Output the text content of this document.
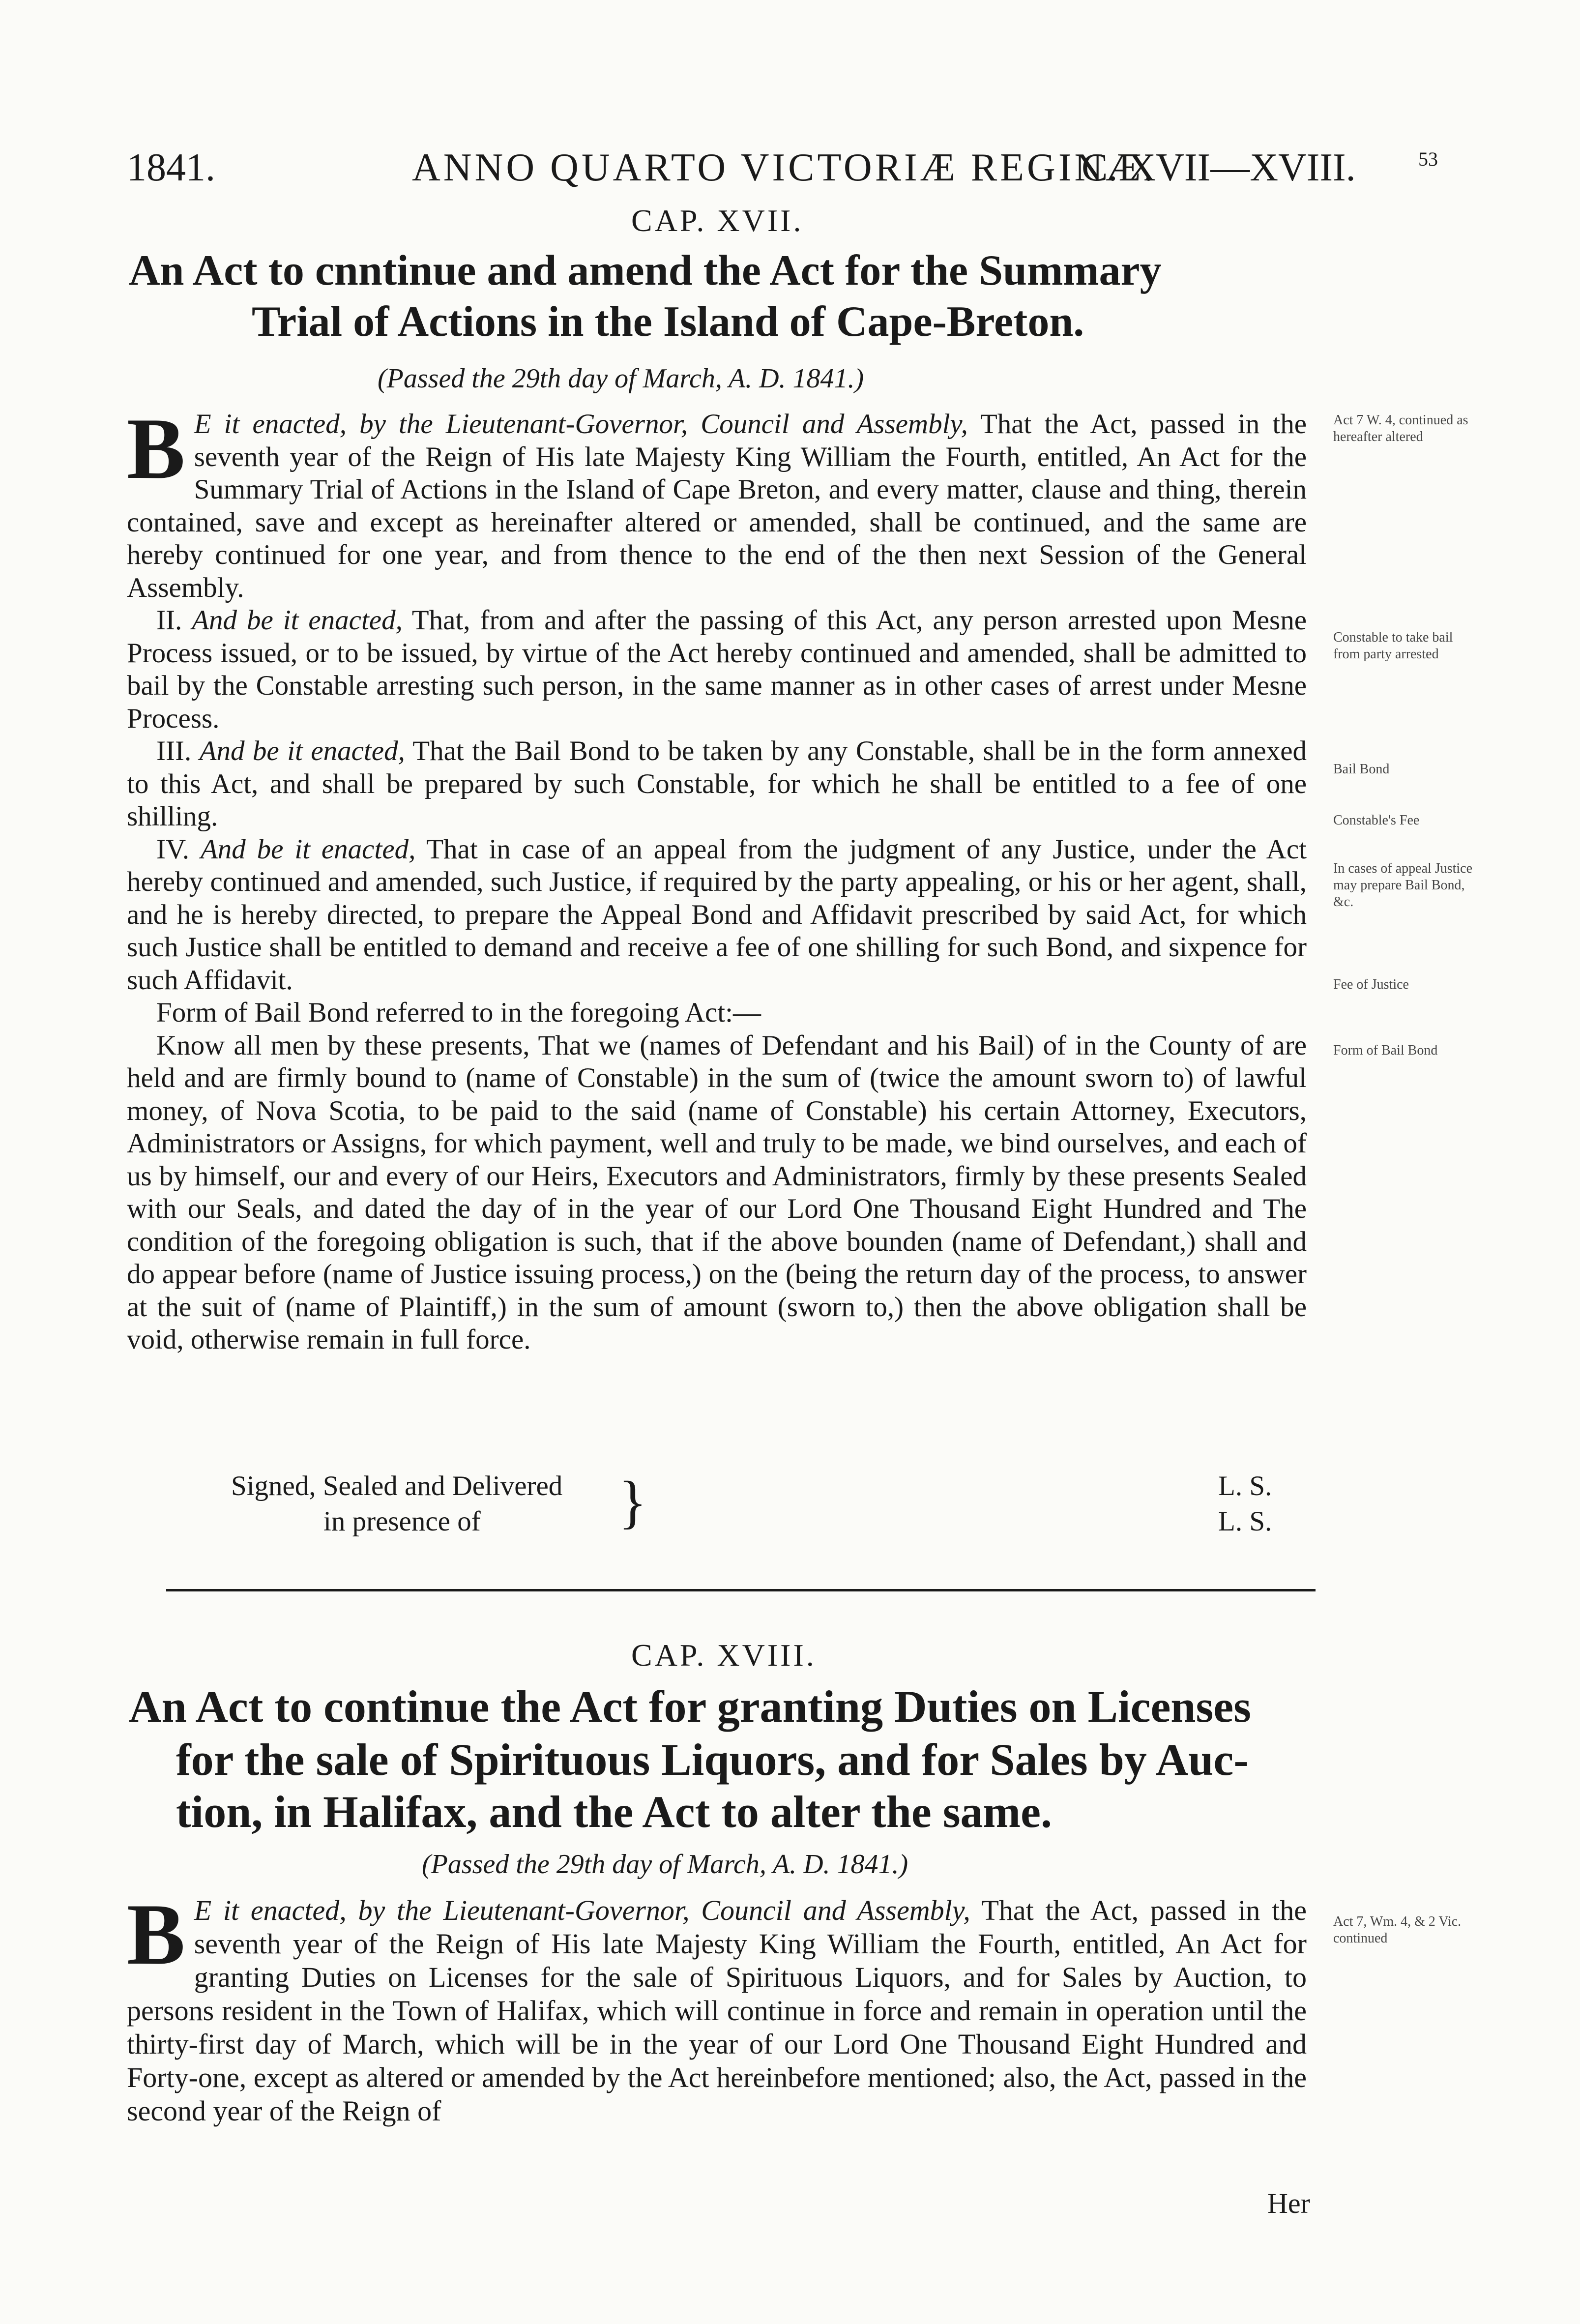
1841.	ANNO QUARTO VICTORIÆ REGINÆ.
C. XVII—XVIII.	53
CAP. XVII.
An Act to cnntinue and amend the Act for the Summary
Trial of Actions in the Island of Cape-Breton.
(Passed the 29th day of March, A. D. 1841.)

B E it enacted, by the Lieutenant-Governor, Council and Assembly, That the Act, passed in the seventh year of the Reign of His late Majesty King William the Fourth, entitled, An Act for the Summary Trial of Actions in the Island of Cape Breton, and every matter, clause and thing, therein contained, save and except as hereinafter altered or amended, shall be continued, and the same are hereby continued for one year, and from thence to the end of the then next Session of the General Assembly.

II. And be it enacted, That, from and after the passing of this Act, any person arrested upon Mesne Process issued, or to be issued, by virtue of the Act hereby continued and amended, shall be admitted to bail by the Constable arresting such person, in the same manner as in other cases of arrest under Mesne Process.

III. And be it enacted, That the Bail Bond to be taken by any Constable, shall be in the form annexed to this Act, and shall be prepared by such Constable, for which he shall be entitled to a fee of one shilling.

IV. And be it enacted, That in case of an appeal from the judgment of any Justice, under the Act hereby continued and amended, such Justice, if required by the party appealing, or his or her agent, shall, and he is hereby directed, to prepare the Appeal Bond and Affidavit prescribed by said Act, for which such Justice shall be entitled to demand and receive a fee of one shilling for such Bond, and sixpence for such Affidavit.

Form of Bail Bond referred to in the foregoing Act:—

Know all men by these presents, That we (names of Defendant and his Bail) of in the County of are held and are firmly bound to (name of Constable) in the sum of (twice the amount sworn to) of lawful money, of Nova Scotia, to be paid to the said (name of Constable) his certain Attorney, Executors, Administrators or Assigns, for which payment, well and truly to be made, we bind ourselves, and each of us by himself, our and every of our Heirs, Executors and Administrators, firmly by these presents Sealed with our Seals, and dated the day of in the year of our Lord One Thousand Eight Hundred and The condition of the foregoing obligation is such, that if the above bounden (name of Defendant,) shall and do appear before (name of Justice issuing process,) on the (being the return day of the process, to answer at the suit of (name of Plaintiff,) in the sum of amount (sworn to,) then the above obligation shall be void, otherwise remain in full force.

Signed, Sealed and Delivered
in presence of }	L. S.
L. S.
Act 7 W. 4, continued as hereafter altered
Constable to take bail from party arrested
Bail Bond
Constable's Fee
In cases of appeal Justice may prepare Bail Bond, &c.
Fee of Justice
Form of Bail Bond
CAP. XVIII.
An Act to continue the Act for granting Duties on Licenses
for the sale of Spirituous Liquors, and for Sales by Auc-
tion, in Halifax, and the Act to alter the same.
(Passed the 29th day of March, A. D. 1841.)

B E it enacted, by the Lieutenant-Governor, Council and Assembly, That the Act, passed in the seventh year of the Reign of His late Majesty King William the Fourth, entitled, An Act for granting Duties on Licenses for the sale of Spirituous Liquors, and for Sales by Auction, to persons resident in the Town of Halifax, which will continue in force and remain in operation until the thirty-first day of March, which will be in the year of our Lord One Thousand Eight Hundred and Forty-one, except as altered or amended by the Act hereinbefore mentioned; also, the Act, passed in the second year of the Reign of

Her
Act 7, Wm. 4, & 2 Vic. continued
